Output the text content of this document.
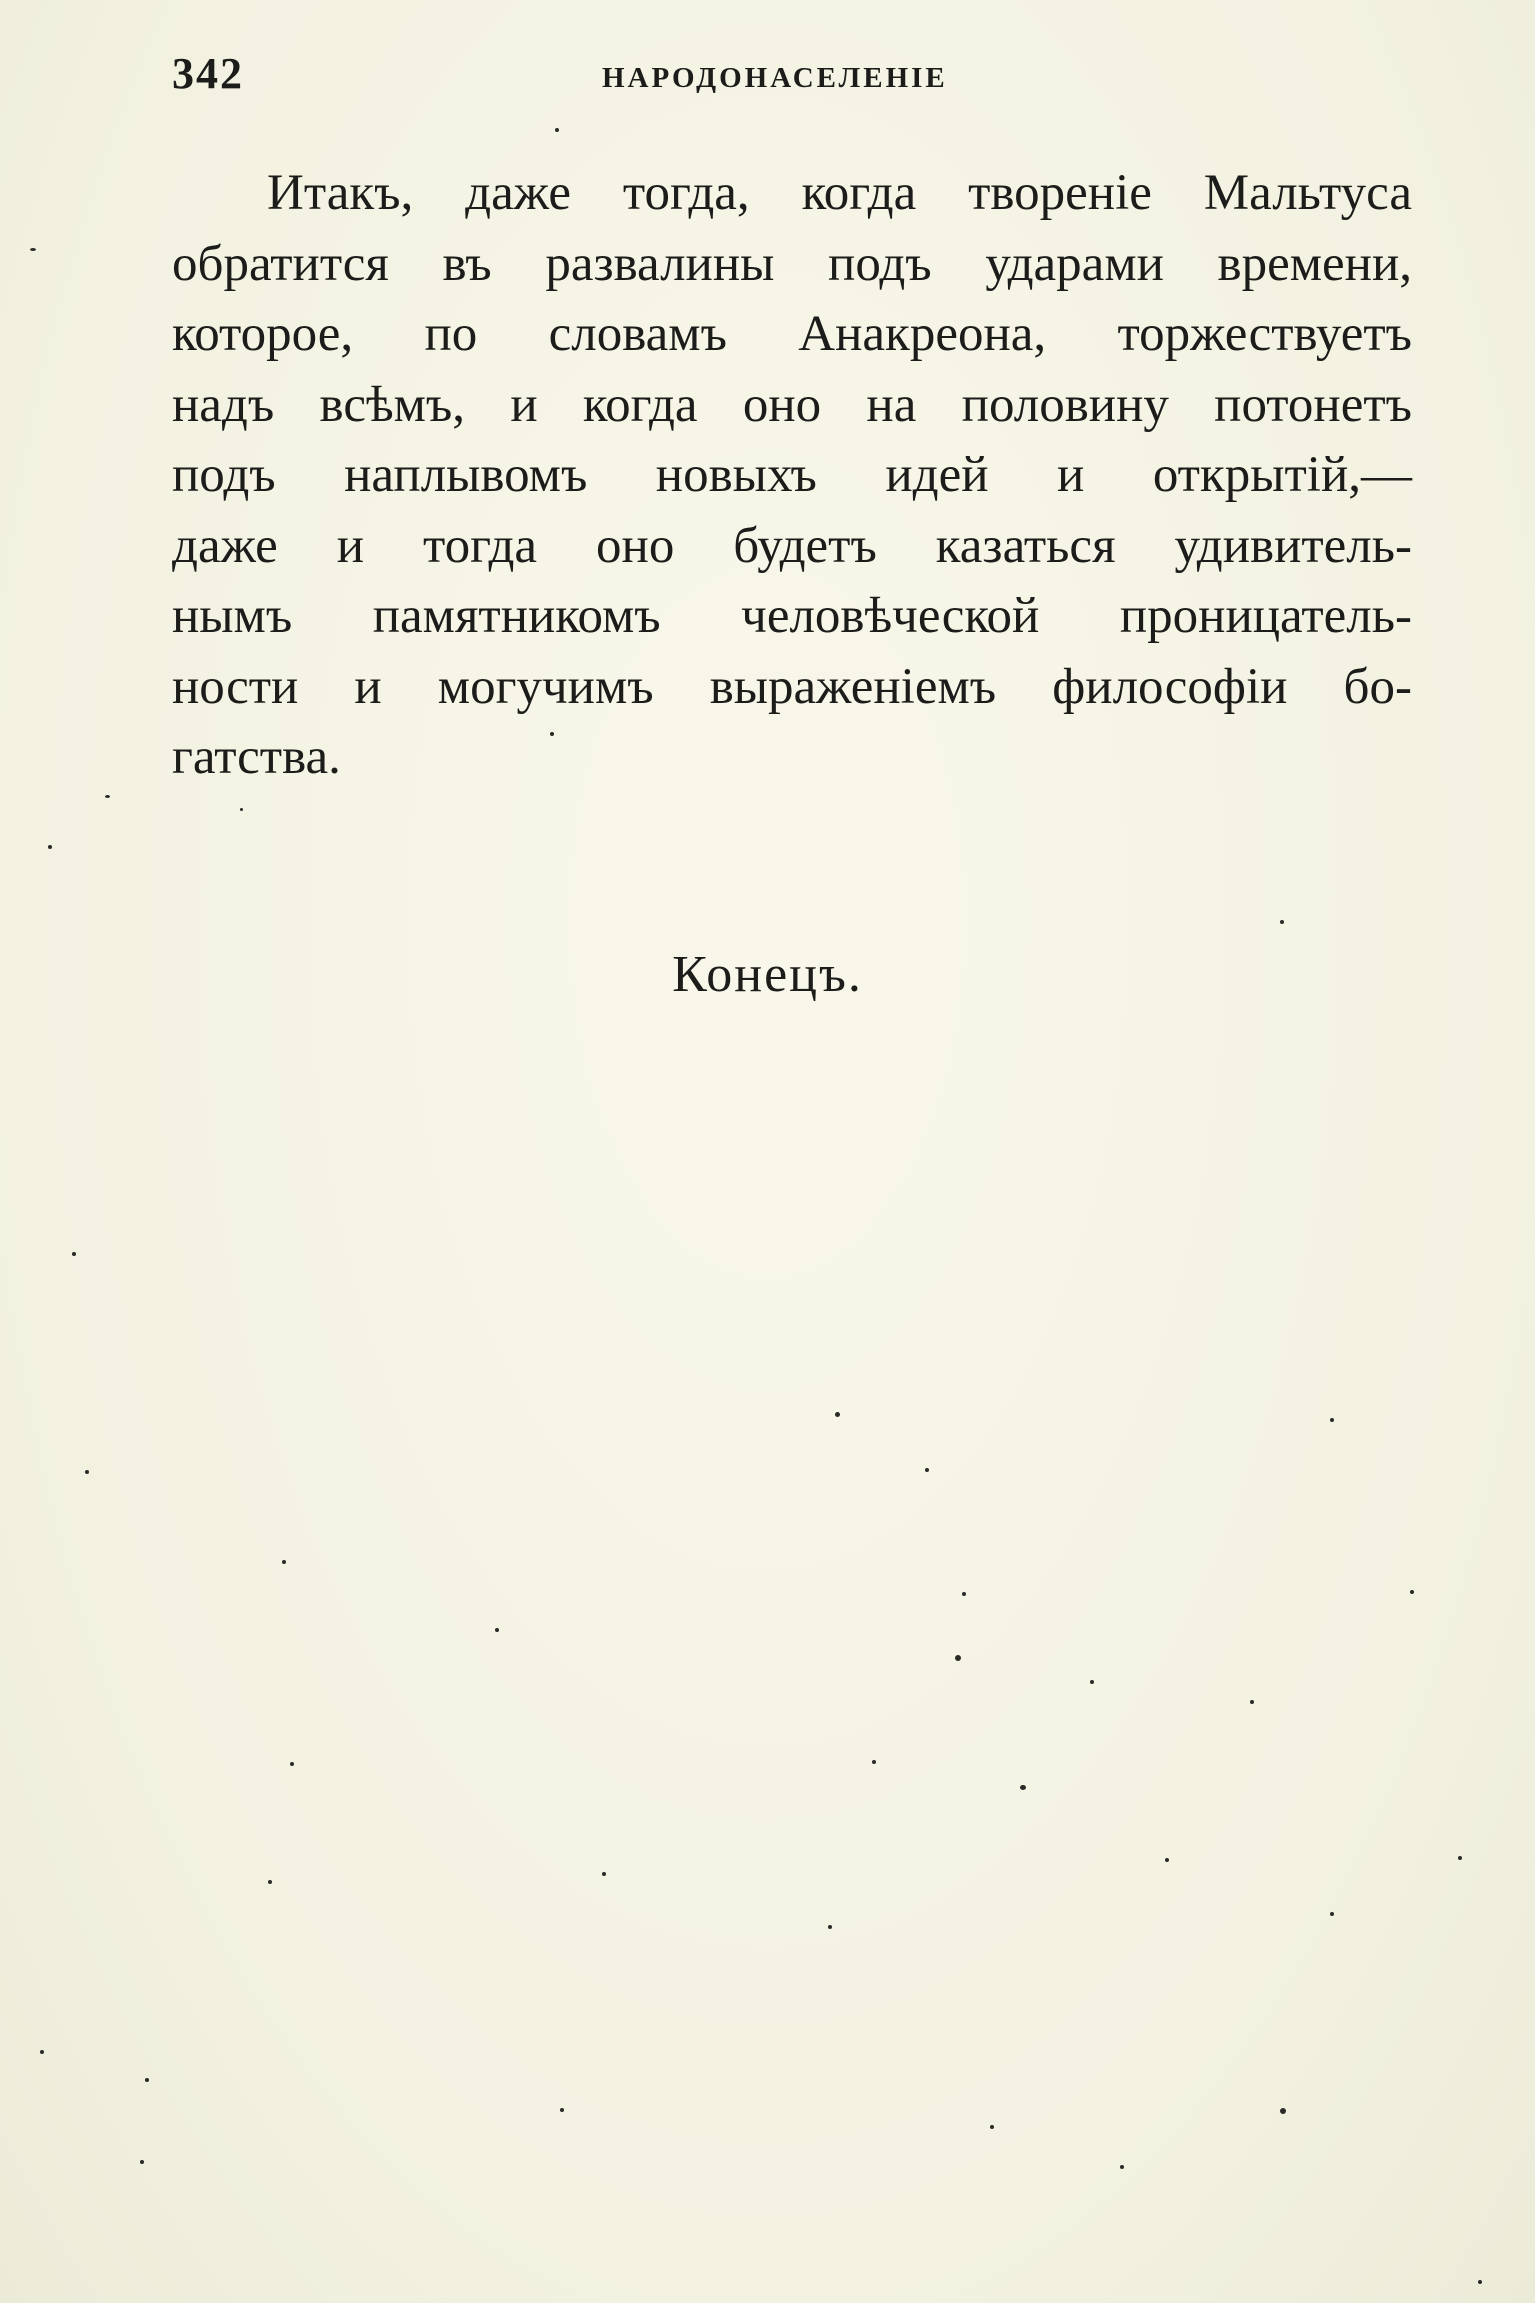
342	НАРОДОНАСЕЛЕНІЕ
Итакъ, даже тогда, когда твореніе Мальтуса
обратится въ развалины подъ ударами времени,
которое, по словамъ Анакреона, торжествуетъ
надъ всѣмъ, и когда оно на половину потонетъ
подъ наплывомъ новыхъ идей и открытій,—
даже и тогда оно будетъ казаться удивитель-
нымъ памятникомъ человѣческой проницатель-
ности и могучимъ выраженіемъ философіи бо-
гатства.
Конецъ.
